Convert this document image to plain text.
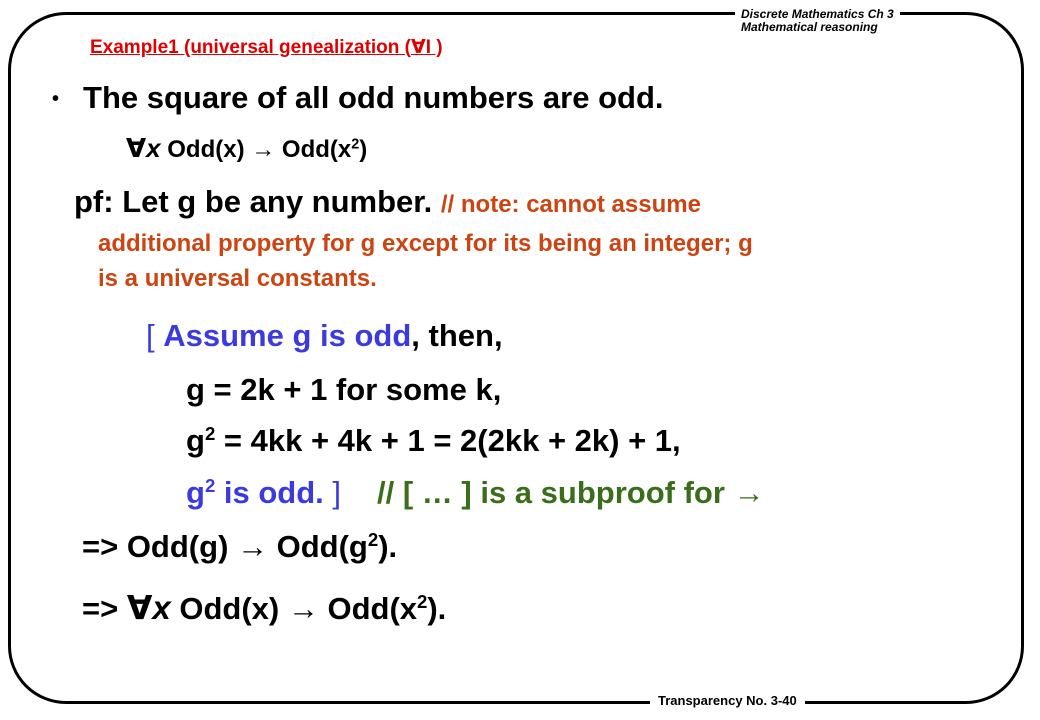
Discrete Mathematics Ch 3
Mathematical reasoning
Example1 (universal genealization (∀I )
• The square of all odd numbers are odd.
∀x $Odd(x) \to Odd(x^2)$
pf: Let g be any number. // note: cannot assume
additional property for g except for its being an integer; g
is a universal constants.
[ Assume g is odd, then,
g = 2k + 1 for some k,
$g^2 = 4kk + 4k + 1 = 2(2kk + 2k) + 1$,
$g^2$ is odd. ] // [ … ] is a subproof for →
=> $Odd(g) \to Odd(g^2)$.
=> ∀x $Odd(x) \to Odd(x^2)$.
Transparency No. 3-40
